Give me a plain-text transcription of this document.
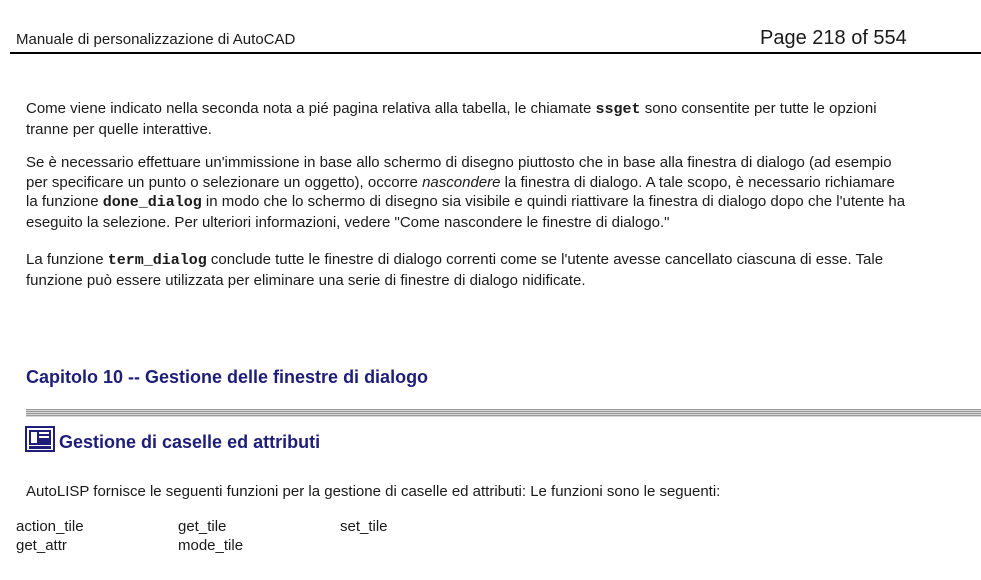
Manuale di personalizzazione di AutoCAD	Page 218 of 554
Come viene indicato nella seconda nota a pié pagina relativa alla tabella, le chiamate ssget sono consentite per tutte le opzioni
tranne per quelle interattive.
Se è necessario effettuare un'immissione in base allo schermo di disegno piuttosto che in base alla finestra di dialogo (ad esempio
per specificare un punto o selezionare un oggetto), occorre nascondere la finestra di dialogo. A tale scopo, è necessario richiamare
la funzione done_dialog in modo che lo schermo di disegno sia visibile e quindi riattivare la finestra di dialogo dopo che l'utente ha
eseguito la selezione. Per ulteriori informazioni, vedere "Come nascondere le finestre di dialogo."
La funzione term_dialog conclude tutte le finestre di dialogo correnti come se l'utente avesse cancellato ciascuna di esse. Tale
funzione può essere utilizzata per eliminare una serie di finestre di dialogo nidificate.
Capitolo 10 -- Gestione delle finestre di dialogo
Gestione di caselle ed attributi
AutoLISP fornisce le seguenti funzioni per la gestione di caselle ed attributi: Le funzioni sono le seguenti:
action_tile	get_tile	set_tile
get_attr	mode_tile
